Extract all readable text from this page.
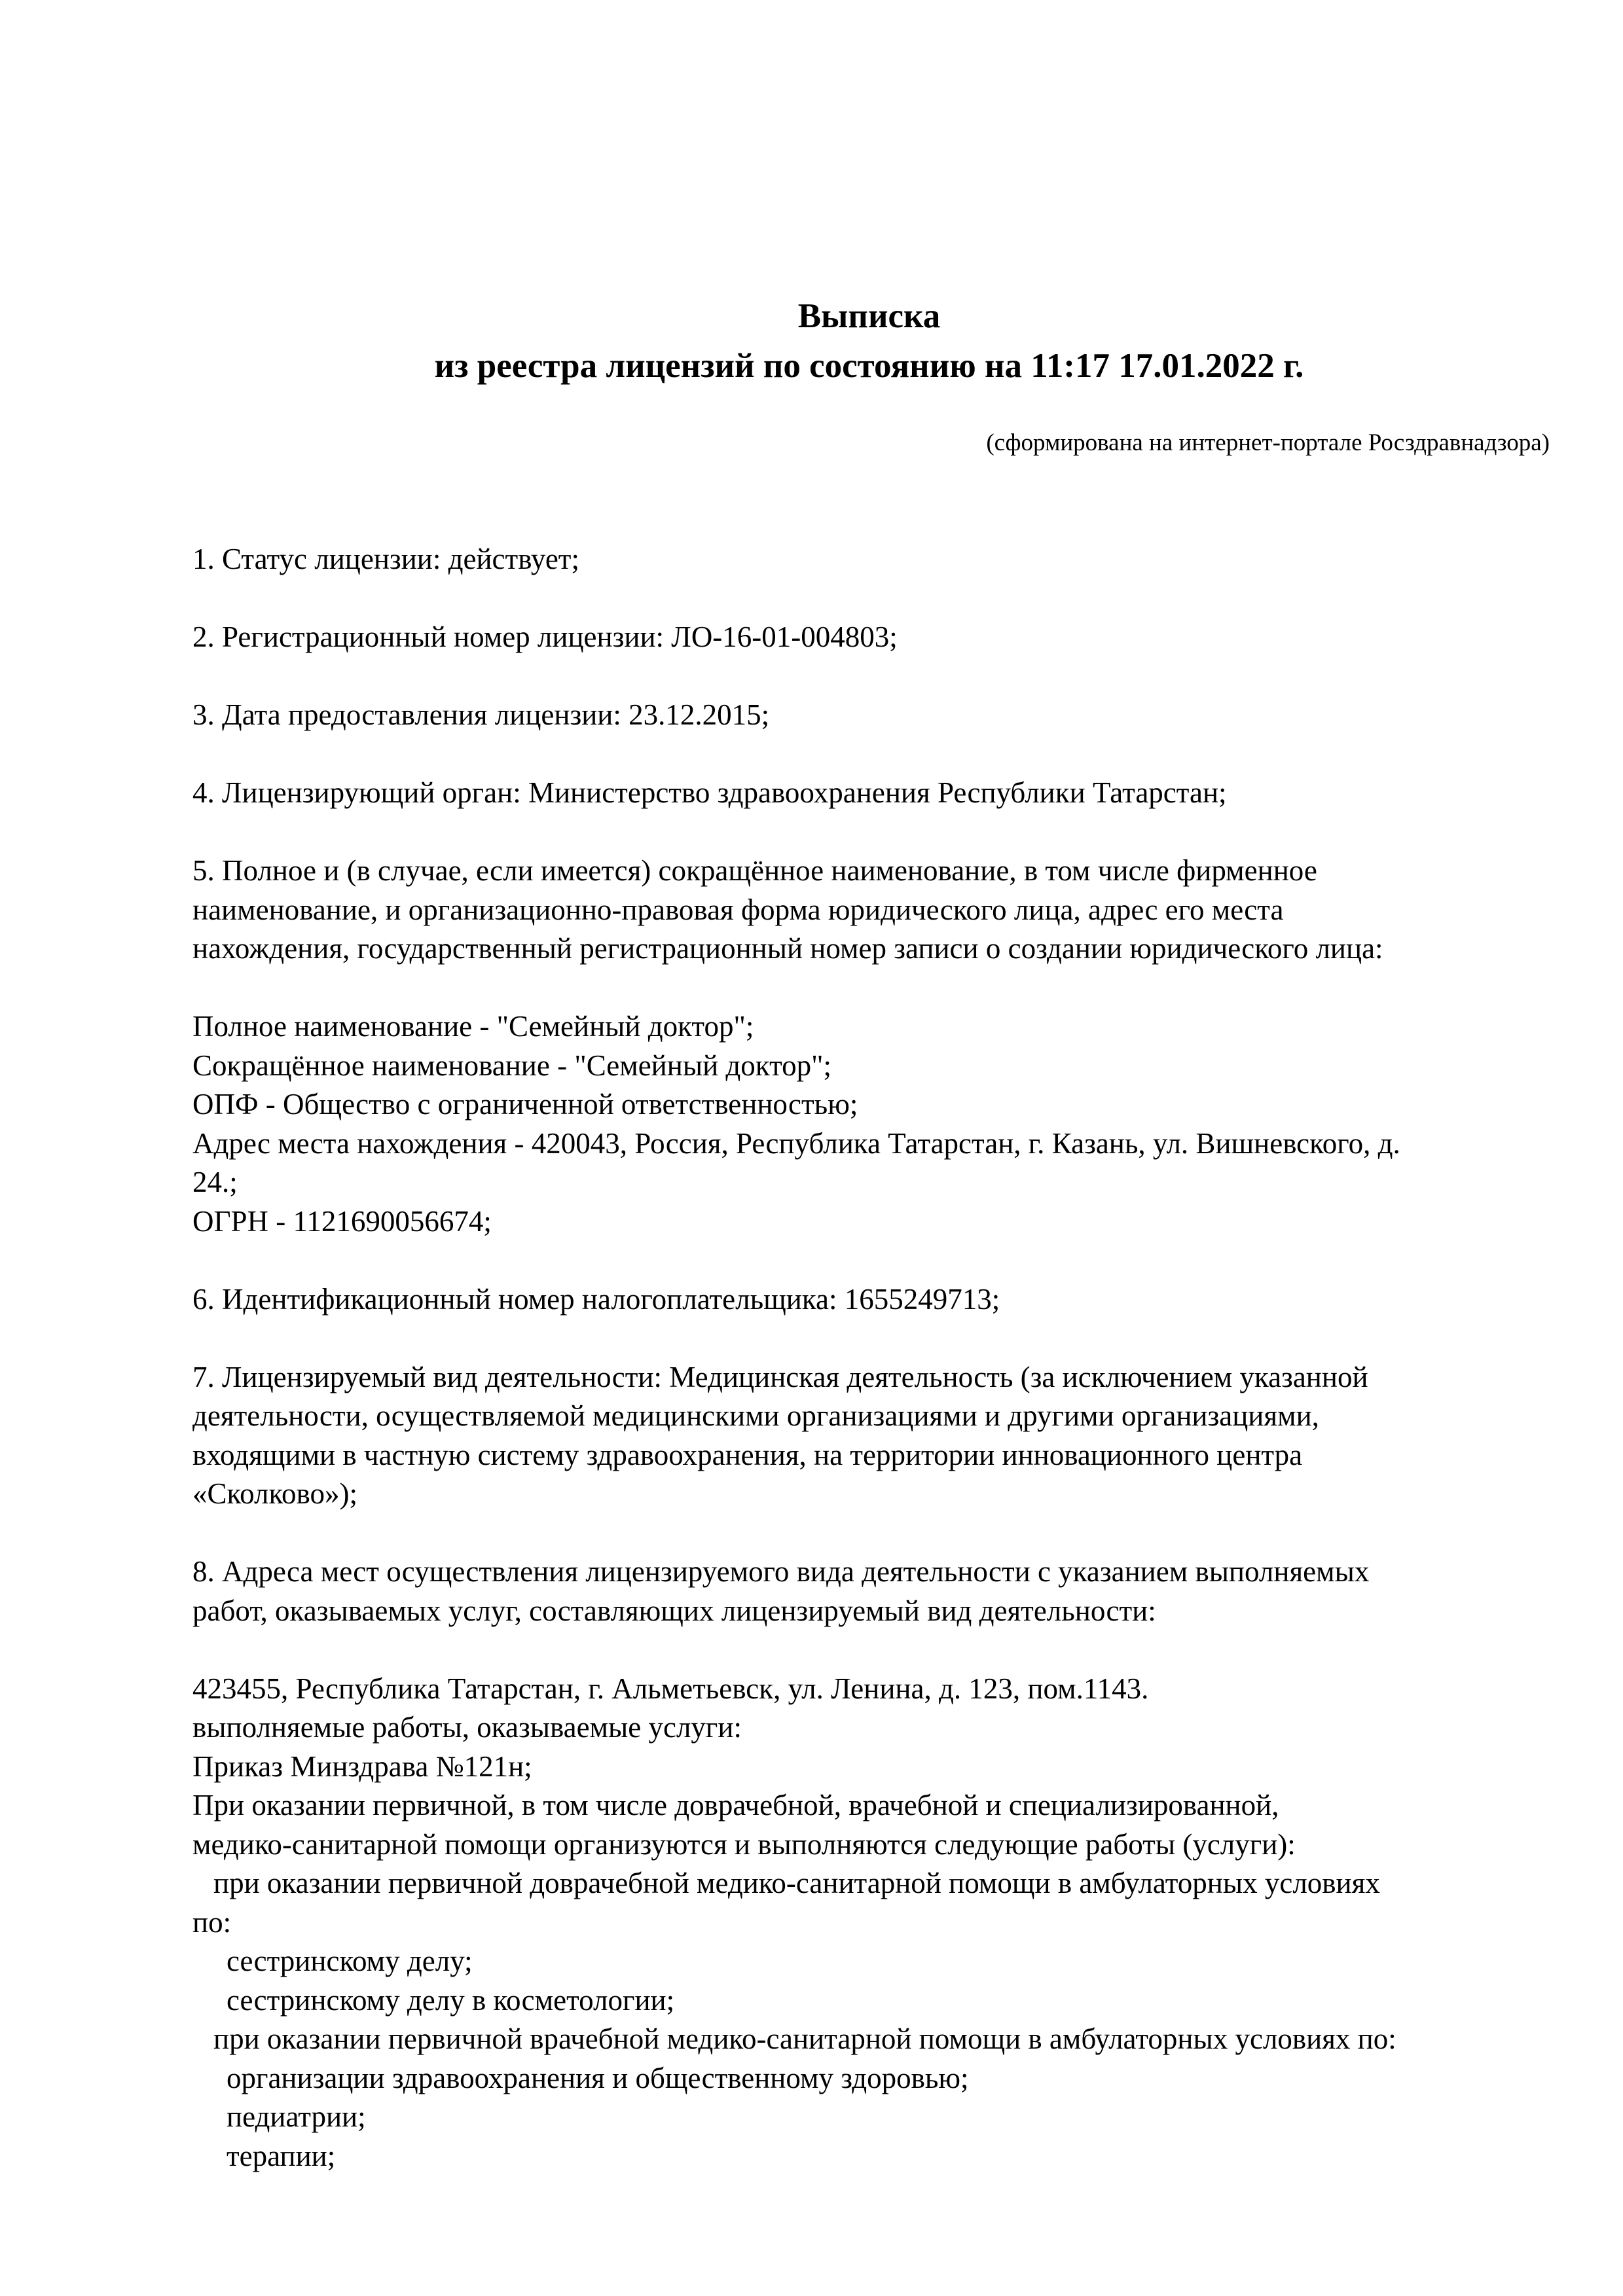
Выписка
из реестра лицензий по состоянию на 11:17 17.01.2022 г.
(сформирована на интернет-портале Росздравнадзора)

1. Статус лицензии: действует;

2. Регистрационный номер лицензии: ЛО-16-01-004803;

3. Дата предоставления лицензии: 23.12.2015;

4. Лицензирующий орган: Министерство здравоохранения Республики Татарстан;

5. Полное и (в случае, если имеется) сокращённое наименование, в том числе фирменное

наименование, и организационно-правовая форма юридического лица, адрес его места

нахождения, государственный регистрационный номер записи о создании юридического лица:

Полное наименование - "Семейный доктор";

Сокращённое наименование - "Семейный доктор";

ОПФ - Общество с ограниченной ответственностью;

Адрес места нахождения - 420043, Россия, Республика Татарстан, г. Казань, ул. Вишневского, д.

24.;

ОГРН - 1121690056674;

6. Идентификационный номер налогоплательщика: 1655249713;

7. Лицензируемый вид деятельности: Медицинская деятельность (за исключением указанной

деятельности, осуществляемой медицинскими организациями и другими организациями,

входящими в частную систему здравоохранения, на территории инновационного центра

«Сколково»);

8. Адреса мест осуществления лицензируемого вида деятельности с указанием выполняемых

работ, оказываемых услуг, составляющих лицензируемый вид деятельности:

423455, Республика Татарстан, г. Альметьевск, ул. Ленина, д. 123, пом.1143.

выполняемые работы, оказываемые услуги:

Приказ Минздрава №121н;

При оказании первичной, в том числе доврачебной, врачебной и специализированной,

медико-санитарной помощи организуются и выполняются следующие работы (услуги):

при оказании первичной доврачебной медико-санитарной помощи в амбулаторных условиях

по:

сестринскому делу;

сестринскому делу в косметологии;

при оказании первичной врачебной медико-санитарной помощи в амбулаторных условиях по:

организации здравоохранения и общественному здоровью;

педиатрии;

терапии;
